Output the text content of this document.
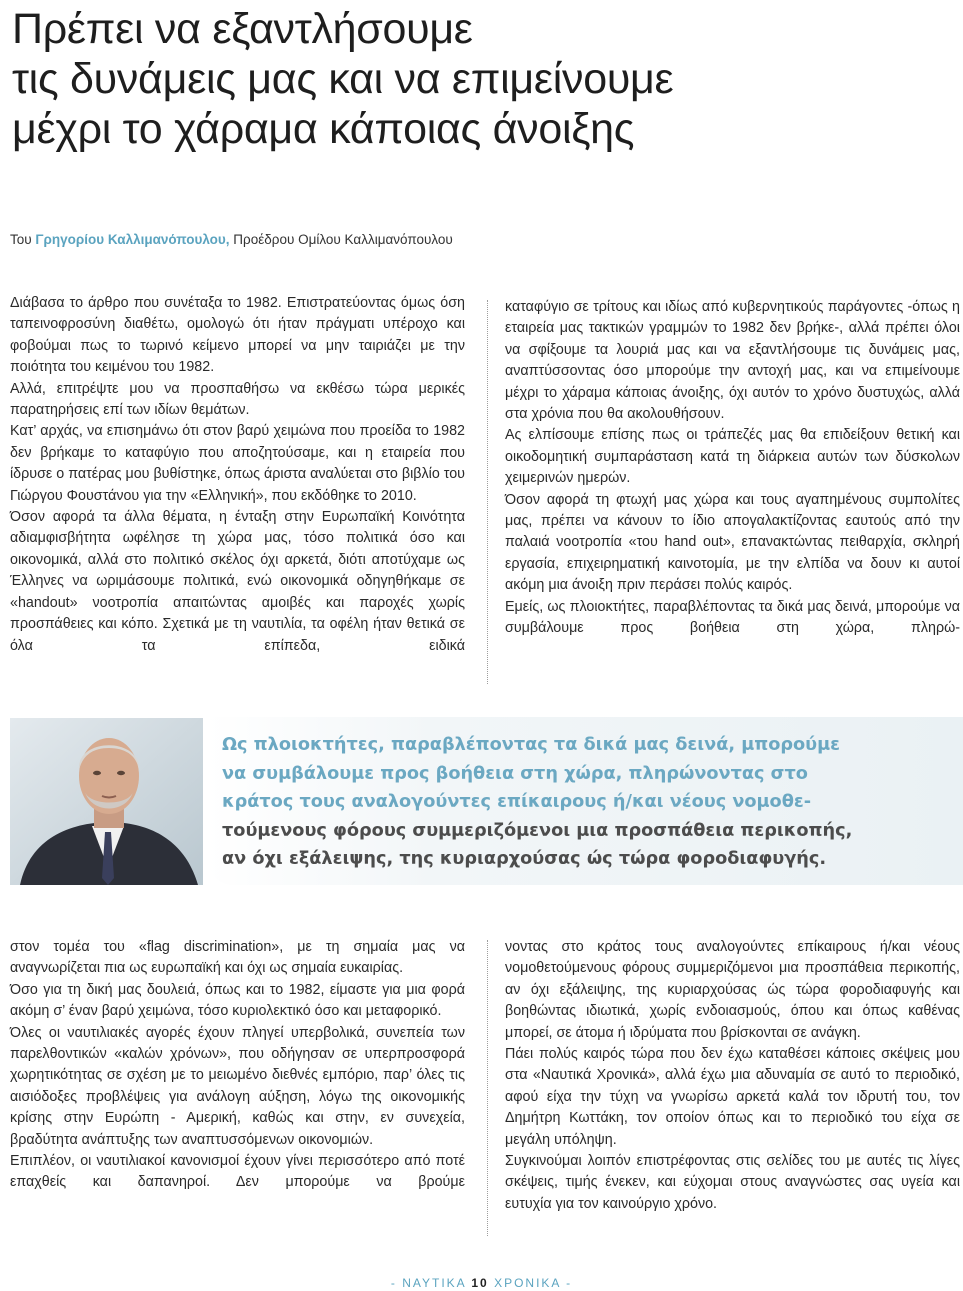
Πρέπει να εξαντλήσουμε
τις δυνάμεις μας και να επιμείνουμε
μέχρι το χάραμα κάποιας άνοιξης
Του Γρηγορίου Καλλιμανόπουλου, Προέδρου Ομίλου Καλλιμανόπουλου

Διάβασα το άρθρο που συνέταξα το 1982. Επιστρατεύοντας όμως όση ταπεινοφροσύνη διαθέτω, ομολογώ ότι ήταν πράγματι υπέροχο και φοβούμαι πως το τωρινό κείμενο μπορεί να μην ταιριάζει με την ποιότητα του κειμένου του 1982.

Αλλά, επιτρέψτε μου να προσπαθήσω να εκθέσω τώρα μερικές παρατηρήσεις επί των ιδίων θεμάτων.

Κατ’ αρχάς, να επισημάνω ότι στον βαρύ χειμώνα που προείδα το 1982 δεν βρήκαμε το καταφύγιο που αποζητούσαμε, και η εταιρεία που ίδρυσε ο πατέρας μου βυθίστηκε, όπως άριστα αναλύεται στο βιβλίο του Γιώργου Φουστάνου για την «Ελληνική», που εκδόθηκε το 2010.

Όσον αφορά τα άλλα θέματα, η ένταξη στην Ευρωπαϊκή Κοινότητα αδιαμφισβήτητα ωφέλησε τη χώρα μας, τόσο πολιτικά όσο και οικονομικά, αλλά στο πολιτικό σκέλος όχι αρκετά, διότι αποτύχαμε ως Έλληνες να ωριμάσουμε πολιτικά, ενώ οικονομικά οδηγηθήκαμε σε «handout» νοοτροπία απαιτώντας αμοιβές και παροχές χωρίς προσπάθειες και κόπο. Σχετικά με τη ναυτιλία, τα οφέλη ήταν θετικά σε όλα τα επίπεδα, ειδικά

καταφύγιο σε τρίτους και ιδίως από κυβερνητικούς παράγοντες -όπως η εταιρεία μας τακτικών γραμμών το 1982 δεν βρήκε-, αλλά πρέπει όλοι να σφίξουμε τα λουριά μας και να εξαντλήσουμε τις δυνάμεις μας, αναπτύσσοντας όσο μπορούμε την αντοχή μας, και να επιμείνουμε μέχρι το χάραμα κάποιας άνοιξης, όχι αυτόν το χρόνο δυστυχώς, αλλά στα χρόνια που θα ακολουθήσουν.

Ας ελπίσουμε επίσης πως οι τράπεζές μας θα επιδείξουν θετική και οικοδομητική συμπαράσταση κατά τη διάρκεια αυτών των δύσκολων χειμερινών ημερών.

Όσον αφορά τη φτωχή μας χώρα και τους αγαπημένους συμπολίτες μας, πρέπει να κάνουν το ίδιο απογαλακτίζοντας εαυτούς από την παλαιά νοοτροπία «του hand out», επανακτώντας πειθαρχία, σκληρή εργασία, επιχειρηματική καινοτομία, με την ελπίδα να δουν κι αυτοί ακόμη μια άνοιξη πριν περάσει πολύς καιρός.

Εμείς, ως πλοιοκτήτες, παραβλέποντας τα δικά μας δεινά, μπορούμε να συμβάλουμε προς βοήθεια στη χώρα, πληρώ-

Ως πλοιοκτήτες, παραβλέποντας τα δικά μας δεινά, μπορούμε
να συμβάλουμε προς βοήθεια στη χώρα, πληρώνοντας στο
κράτος τους αναλογούντες επίκαιρους ή/και νέους νομοθε-
τούμενους φόρους συμμεριζόμενοι μια προσπάθεια περικοπής,
αν όχι εξάλειψης, της κυριαρχούσας ώς τώρα φοροδιαφυγής.

στον τομέα του «flag discrimination», με τη σημαία μας να αναγνωρίζεται πια ως ευρωπαϊκή και όχι ως σημαία ευκαιρίας.

Όσο για τη δική μας δουλειά, όπως και το 1982, είμαστε για μια φορά ακόμη σ’ έναν βαρύ χειμώνα, τόσο κυριολεκτικό όσο και μεταφορικό.

Όλες οι ναυτιλιακές αγορές έχουν πληγεί υπερβολικά, συνεπεία των παρελθοντικών «καλών χρόνων», που οδήγησαν σε υπερπροσφορά χωρητικότητας σε σχέση με το μειωμένο διεθνές εμπόριο, παρ’ όλες τις αισιόδοξες προβλέψεις για ανάλογη αύξηση, λόγω της οικονομικής κρίσης στην Ευρώπη - Αμερική, καθώς και στην, εν συνεχεία, βραδύτητα ανάπτυξης των αναπτυσσόμενων οικονομιών.

Επιπλέον, οι ναυτιλιακοί κανονισμοί έχουν γίνει περισσότερο από ποτέ επαχθείς και δαπανηροί. Δεν μπορούμε να βρούμε

νοντας στο κράτος τους αναλογούντες επίκαιρους ή/και νέους νομοθετούμενους φόρους συμμεριζόμενοι μια προσπάθεια περικοπής, αν όχι εξάλειψης, της κυριαρχούσας ώς τώρα φοροδιαφυγής και βοηθώντας ιδιωτικά, χωρίς ενδοιασμούς, όπου και όπως καθένας μπορεί, σε άτομα ή ιδρύματα που βρίσκονται σε ανάγκη.

Πάει πολύς καιρός τώρα που δεν έχω καταθέσει κάποιες σκέψεις μου στα «Ναυτικά Χρονικά», αλλά έχω μια αδυναμία σε αυτό το περιοδικό, αφού είχα την τύχη να γνωρίσω αρκετά καλά τον ιδρυτή του, τον Δημήτρη Κωττάκη, τον οποίον όπως και το περιοδικό του είχα σε μεγάλη υπόληψη.

Συγκινούμαι λοιπόν επιστρέφοντας στις σελίδες του με αυτές τις λίγες σκέψεις, τιμής ένεκεν, και εύχομαι στους αναγνώστες σας υγεία και ευτυχία για τον καινούργιο χρόνο.

- ΝΑΥΤΙΚΑ 10 ΧΡΟΝΙΚΑ -
